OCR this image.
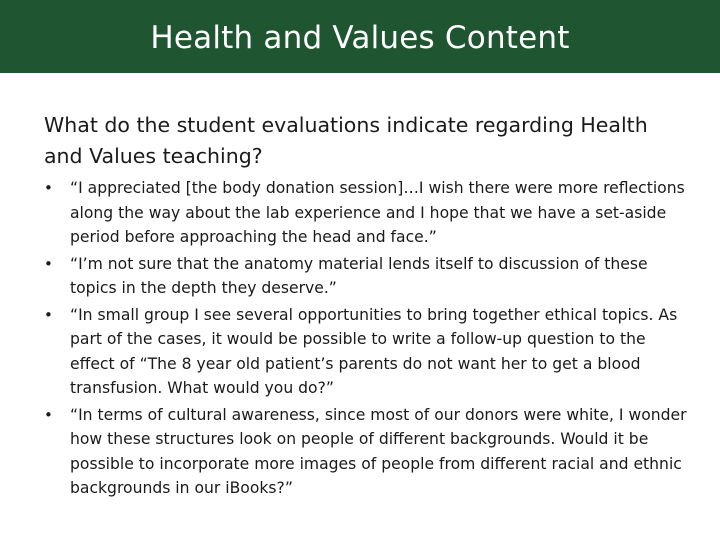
Health and Values Content
What do the student evaluations indicate regarding Health and Values teaching?
•	“I appreciated [the body donation session]…I wish there were more reflections along the way about the lab experience and I hope that we have a set-aside period before approaching the head and face.”
•	“I’m not sure that the anatomy material lends itself to discussion of these topics in the depth they deserve.”
•	“In small group I see several opportunities to bring together ethical topics. As part of the cases, it would be possible to write a follow-up question to the effect of “The 8 year old patient’s parents do not want her to get a blood transfusion. What would you do?”
•	“In terms of cultural awareness, since most of our donors were white, I wonder how these structures look on people of different backgrounds. Would it be possible to incorporate more images of people from different racial and ethnic backgrounds in our iBooks?”
